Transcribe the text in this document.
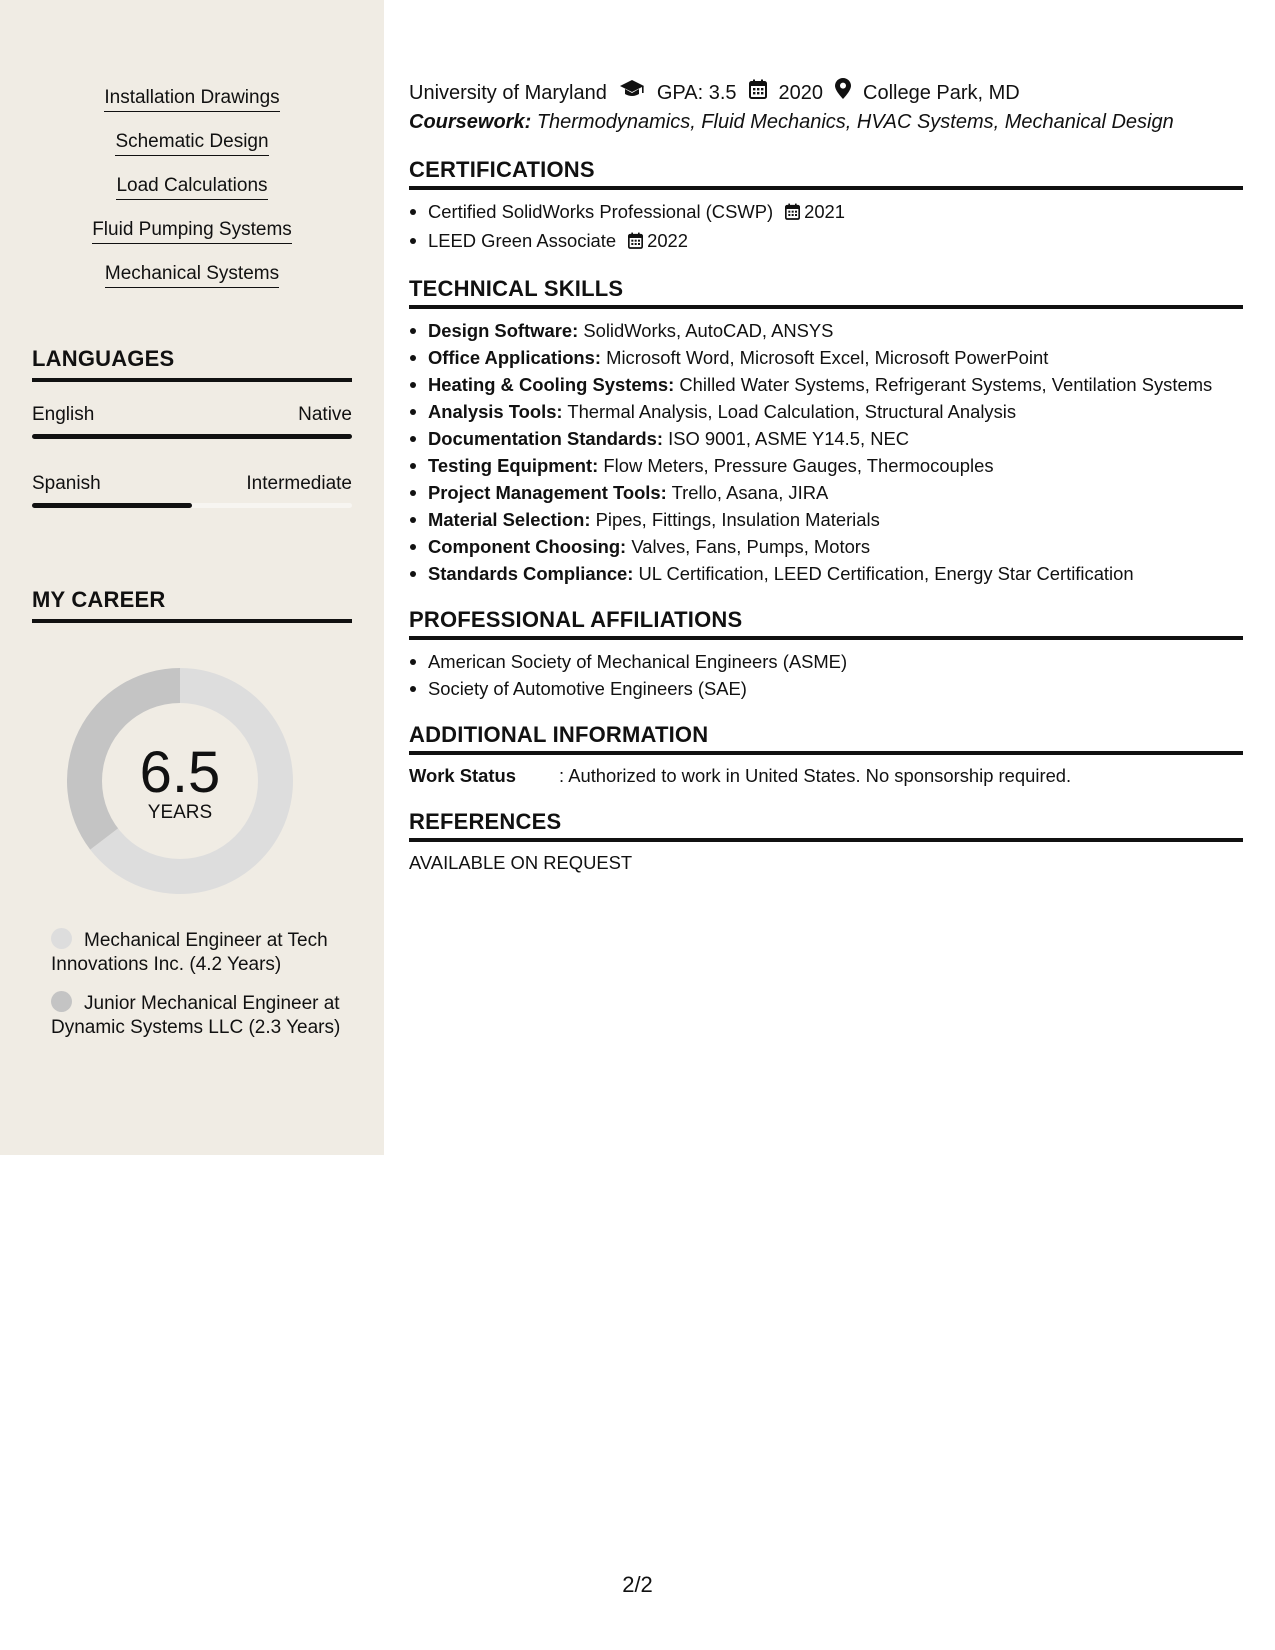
Installation Drawings
Schematic Design
Load Calculations
Fluid Pumping Systems
Mechanical Systems
LANGUAGES
English	Native
Spanish	Intermediate
MY CAREER
6.5
YEARS
Mechanical Engineer at Tech Innovations Inc. (4.2 Years)
Junior Mechanical Engineer at Dynamic Systems LLC (2.3 Years)
University of Maryland	GPA: 3.5 2020 College Park, MD
Coursework: Thermodynamics, Fluid Mechanics, HVAC Systems, Mechanical Design
CERTIFICATIONS
Certified SolidWorks Professional (CSWP) 2021
LEED Green Associate 2022
TECHNICAL SKILLS
Design Software: SolidWorks, AutoCAD, ANSYS
Office Applications: Microsoft Word, Microsoft Excel, Microsoft PowerPoint
Heating & Cooling Systems: Chilled Water Systems, Refrigerant Systems, Ventilation Systems
Analysis Tools: Thermal Analysis, Load Calculation, Structural Analysis
Documentation Standards: ISO 9001, ASME Y14.5, NEC
Testing Equipment: Flow Meters, Pressure Gauges, Thermocouples
Project Management Tools: Trello, Asana, JIRA
Material Selection: Pipes, Fittings, Insulation Materials
Component Choosing: Valves, Fans, Pumps, Motors
Standards Compliance: UL Certification, LEED Certification, Energy Star Certification
PROFESSIONAL AFFILIATIONS
American Society of Mechanical Engineers (ASME)
Society of Automotive Engineers (SAE)
ADDITIONAL INFORMATION
Work Status	: Authorized to work in United States. No sponsorship required.
REFERENCES
AVAILABLE ON REQUEST
2/2
